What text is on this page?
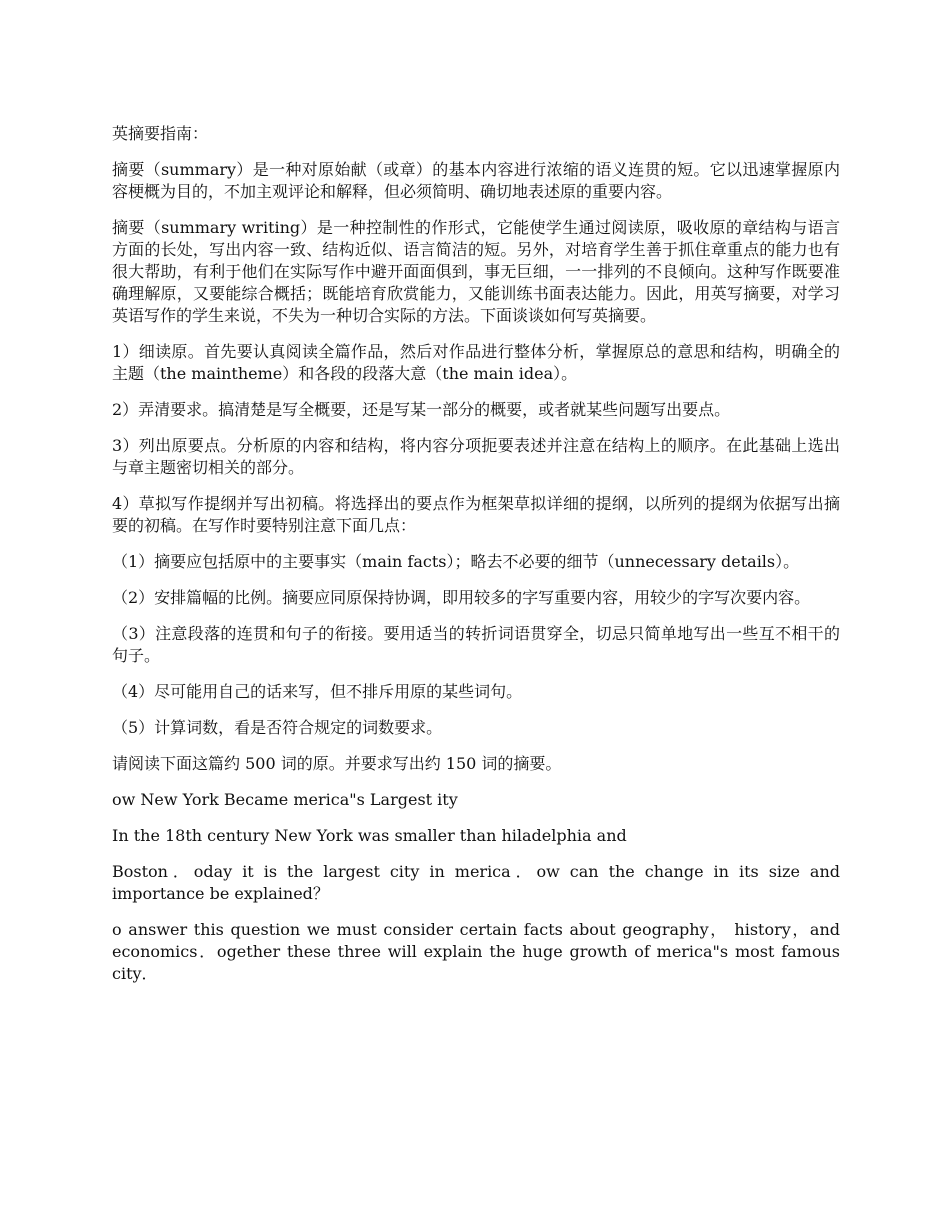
英摘要指南：

摘要（summary）是一种对原始献（或章）的基本内容进行浓缩的语义连贯的短。它以迅速掌握原内容梗概为目的，不加主观评论和解释，但必须简明、确切地表述原的重要内容。

摘要（summary writing）是一种控制性的作形式，它能使学生通过阅读原，吸收原的章结构与语言方面的长处，写出内容一致、结构近似、语言简洁的短。另外，对培育学生善于抓住章重点的能力也有很大帮助，有利于他们在实际写作中避开面面俱到，事无巨细，一一排列的不良倾向。这种写作既要准确理解原，又要能综合概括；既能培育欣赏能力，又能训练书面表达能力。因此，用英写摘要，对学习英语写作的学生来说，不失为一种切合实际的方法。下面谈谈如何写英摘要。

1）细读原。首先要认真阅读全篇作品，然后对作品进行整体分析，掌握原总的意思和结构，明确全的主题（the maintheme）和各段的段落大意（the main idea）。

2）弄清要求。搞清楚是写全概要，还是写某一部分的概要，或者就某些问题写出要点。

3）列出原要点。分析原的内容和结构，将内容分项扼要表述并注意在结构上的顺序。在此基础上选出与章主题密切相关的部分。

4）草拟写作提纲并写出初稿。将选择出的要点作为框架草拟详细的提纲，以所列的提纲为依据写出摘要的初稿。在写作时要特别注意下面几点：

（1）摘要应包括原中的主要事实（main facts）；略去不必要的细节（unnecessary details）。

（2）安排篇幅的比例。摘要应同原保持协调，即用较多的字写重要内容，用较少的字写次要内容。

（3）注意段落的连贯和句子的衔接。要用适当的转折词语贯穿全，切忌只简单地写出一些互不相干的句子。

（4）尽可能用自己的话来写，但不排斥用原的某些词句。

（5）计算词数，看是否符合规定的词数要求。

请阅读下面这篇约 500 词的原。并要求写出约 150 词的摘要。

ow New York Became merica"s Largest ity

In the 18th century New York was smaller than hiladelphia and

Boston．oday it is the largest city in merica．ow can the change in its size and importance be explained？

o answer this question we must consider certain facts about geography， history，and economics．ogether these three will explain the huge growth of merica"s most famous city．
